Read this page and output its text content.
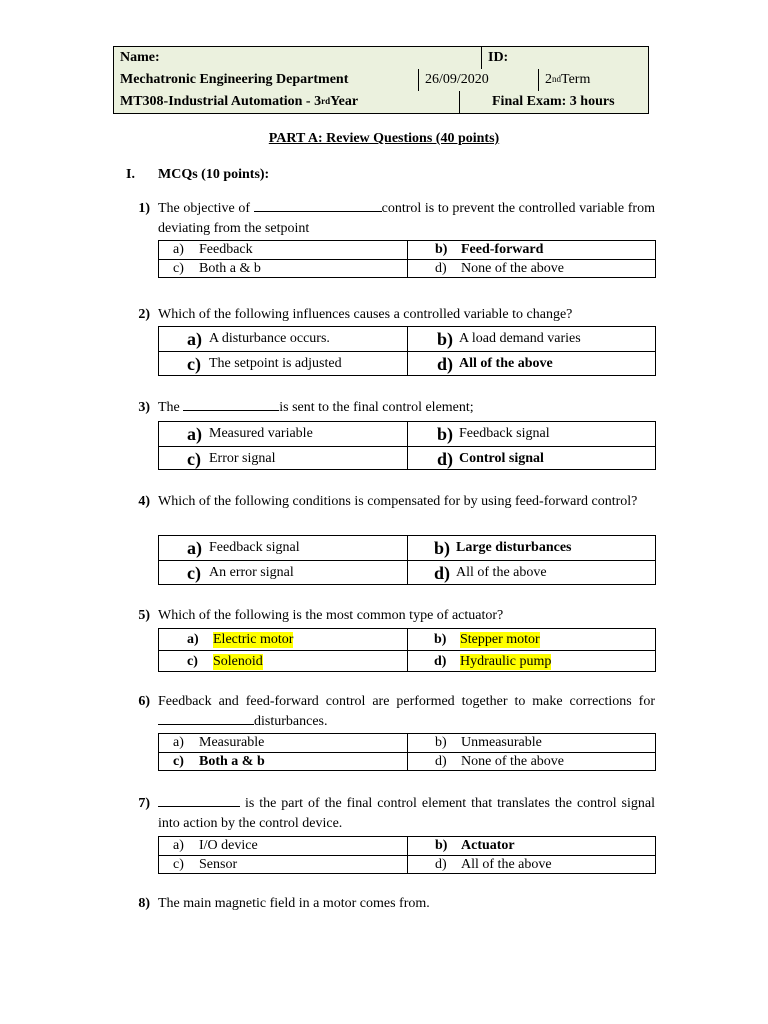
Name:	ID:
Mechatronic Engineering Department	26/09/2020	2nd Term
MT308-Industrial Automation - 3rd Year	Final Exam: 3 hours
PART A: Review Questions (40 points)
I. MCQs (10 points):
1) The objective of	control is to prevent the controlled variable from deviating from the setpoint
a)	Feedback	b) Feed-forward
c)	Both a & b	d)	None of the above
2) Which of the following influences causes a controlled variable to change?
a) A disturbance occurs.	b) A load demand varies
c) The setpoint is adjusted	d) All of the above
3) The	is sent to the final control element;
a) Measured variable	b) Feedback signal
c) Error signal	d) Control signal
4) Which of the following conditions is compensated for by using feed-forward control?
a) Feedback signal	b) Large disturbances
c) An error signal	d) All of the above
5) Which of the following is the most common type of actuator?
a)	Electric motor	b) Stepper motor
c)	Solenoid	d) Hydraulic pump
6) Feedback and feed-forward control are performed together to make corrections for disturbances.
a)	Measurable	b)	Unmeasurable
c)	Both a & b	d)	None of the above
7)	is the part of the final control element that translates the control signal into action by the control device.
a)	I/O device	b) Actuator
c)	Sensor	d)	All of the above
8) The main magnetic field in a motor comes from.
